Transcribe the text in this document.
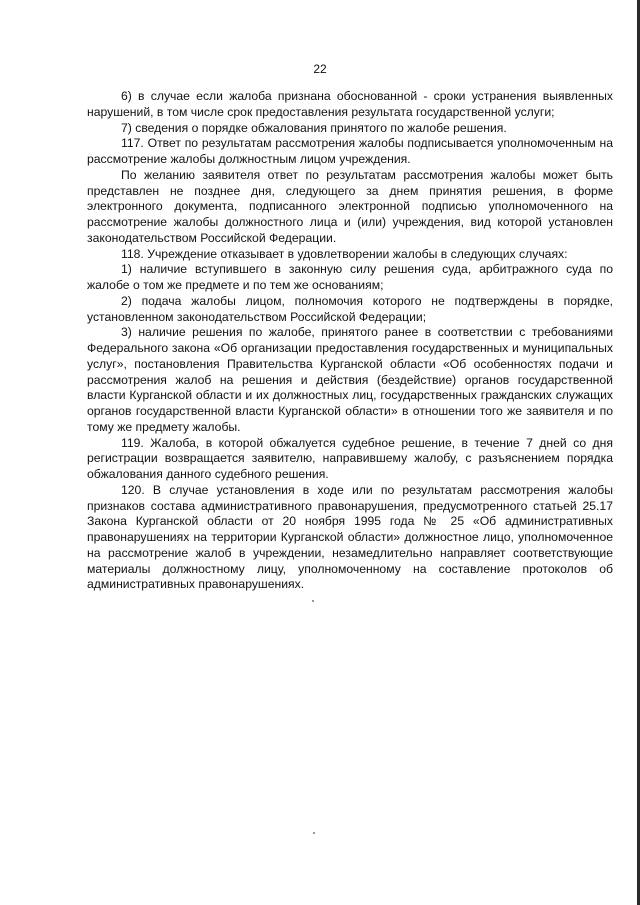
22

6) в случае если жалоба признана обоснованной - сроки устранения выявленных нарушений, в том числе срок предоставления результата государственной услуги;

7) сведения о порядке обжалования принятого по жалобе решения.

117. Ответ по результатам рассмотрения жалобы подписывается уполномоченным на рассмотрение жалобы должностным лицом учреждения.

По желанию заявителя ответ по результатам рассмотрения жалобы может быть представлен не позднее дня, следующего за днем принятия решения, в форме электронного документа, подписанного электронной подписью уполномоченного на рассмотрение жалобы должностного лица и (или) учреждения, вид которой установлен законодательством Российской Федерации.

118. Учреждение отказывает в удовлетворении жалобы в следующих случаях:

1) наличие вступившего в законную силу решения суда, арбитражного суда по жалобе о том же предмете и по тем же основаниям;

2) подача жалобы лицом, полномочия которого не подтверждены в порядке, установленном законодательством Российской Федерации;

3) наличие решения по жалобе, принятого ранее в соответствии с требованиями Федерального закона «Об организации предоставления государственных и муниципальных услуг», постановления Правительства Курганской области «Об особенностях подачи и рассмотрения жалоб на решения и действия (бездействие) органов государственной власти Курганской области и их должностных лиц, государственных гражданских служащих органов государственной власти Курганской области» в отношении того же заявителя и по тому же предмету жалобы.

119. Жалоба, в которой обжалуется судебное решение, в течение 7 дней со дня регистрации возвращается заявителю, направившему жалобу, с разъяснением порядка обжалования данного судебного решения.

120. В случае установления в ходе или по результатам рассмотрения жалобы признаков состава административного правонарушения, предусмотренного статьей 25.17 Закона Курганской области от 20 ноября 1995 года № 25 «Об административных правонарушениях на территории Курганской области» должностное лицо, уполномоченное на рассмотрение жалоб в учреждении, незамедлительно направляет соответствующие материалы должностному лицу, уполномоченному на составление протоколов об административных правонарушениях.
